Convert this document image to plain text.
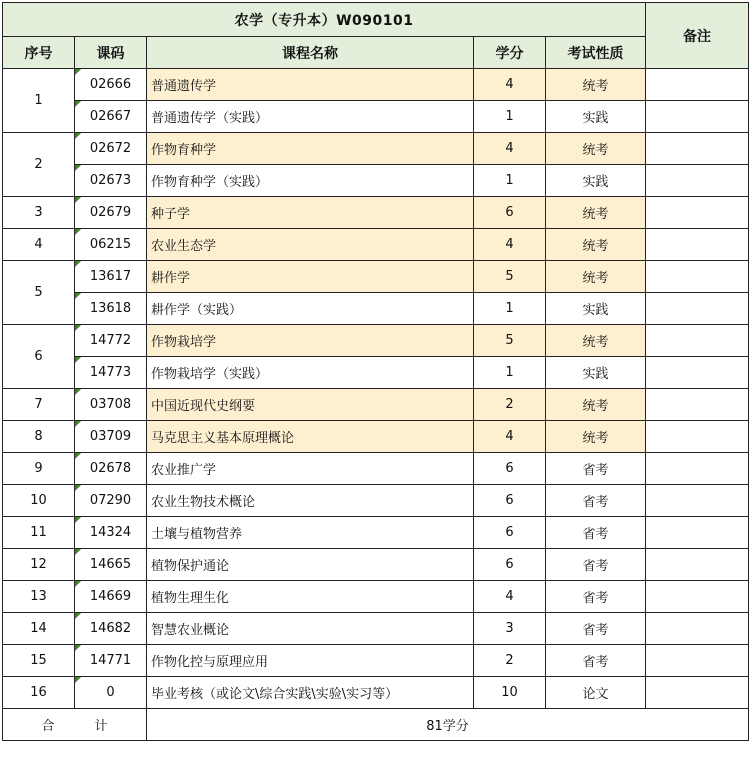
农学（专升本）W090101					备注
序号	课码	课程名称	学分	考试性质	
1	02666	普通遗传学	4	统考	
	02667	普通遗传学（实践）	1	实践	
2	02672	作物育种学	4	统考	
	02673	作物育种学（实践）	1	实践	
3	02679	种子学	6	统考	
4	06215	农业生态学	4	统考	
5	13617	耕作学	5	统考	
	13618	耕作学（实践）	1	实践	
6	14772	作物栽培学	5	统考	
	14773	作物栽培学（实践）	1	实践	
7	03708	中国近现代史纲要	2	统考	
8	03709	马克思主义基本原理概论	4	统考	
9	02678	农业推广学	6	省考	
10	07290	农业生物技术概论	6	省考	
11	14324	土壤与植物营养	6	省考	
12	14665	植物保护通论	6	省考	
13	14669	植物生理生化	4	省考	
14	14682	智慧农业概论	3	省考	
15	14771	作物化控与原理应用	2	省考	
16	0	毕业考核（或论文\综合实践\实验\实习等）	10	论文	
合 计		81学分			
